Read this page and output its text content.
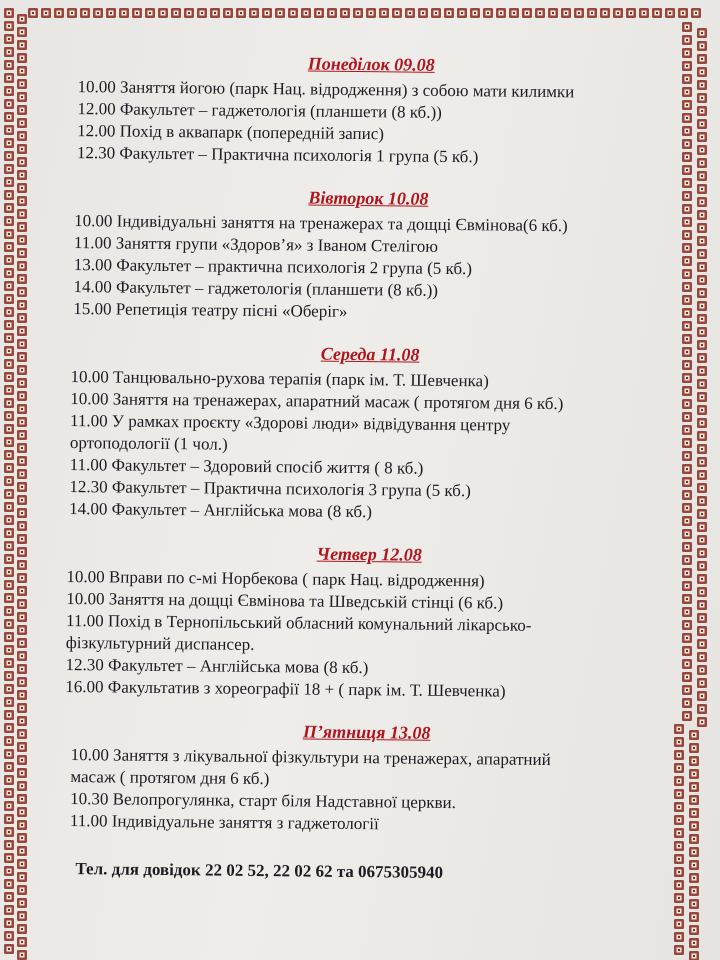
Понеділок 09.08
10.00 Заняття йогою (парк Нац. відродження) з собою мати килимки
12.00 Факультет – гаджетологія (планшети (8 кб.))
12.00 Похід в аквапарк (попередній запис)
12.30 Факультет – Практична психологія 1 група (5 кб.)
Вівторок 10.08
10.00 Індивідуальні заняття на тренажерах та дощці Євмінова(6 кб.)
11.00 Заняття групи «Здоров’я» з Іваном Стелігою
13.00 Факультет – практична психологія 2 група (5 кб.)
14.00 Факультет – гаджетологія (планшети (8 кб.))
15.00 Репетиція театру пісні «Оберіг»
Середа 11.08
10.00 Танцювально-рухова терапія (парк ім. Т. Шевченка)
10.00 Заняття на тренажерах, апаратний масаж ( протягом дня 6 кб.)
11.00 У рамках проєкту «Здорові люди» відвідування центру
ортоподології (1 чол.)
11.00 Факультет – Здоровий спосіб життя ( 8 кб.)
12.30 Факультет – Практична психологія 3 група (5 кб.)
14.00 Факультет – Англійська мова (8 кб.)
Четвер 12.08
10.00 Вправи по с-мі Норбекова ( парк Нац. відродження)
10.00 Заняття на дощці Євмінова та Шведській стінці (6 кб.)
11.00 Похід в Тернопільський обласний комунальний лікарсько-
фізкультурний диспансер.
12.30 Факультет – Англійська мова (8 кб.)
16.00 Факультатив з хореографії 18 + ( парк ім. Т. Шевченка)
П’ятниця 13.08
10.00 Заняття з лікувальної фізкультури на тренажерах, апаратний
масаж ( протягом дня 6 кб.)
10.30 Велопрогулянка, старт біля Надставної церкви.
11.00 Індивідуальне заняття з гаджетології
Тел. для довідок 22 02 52, 22 02 62 та 0675305940
